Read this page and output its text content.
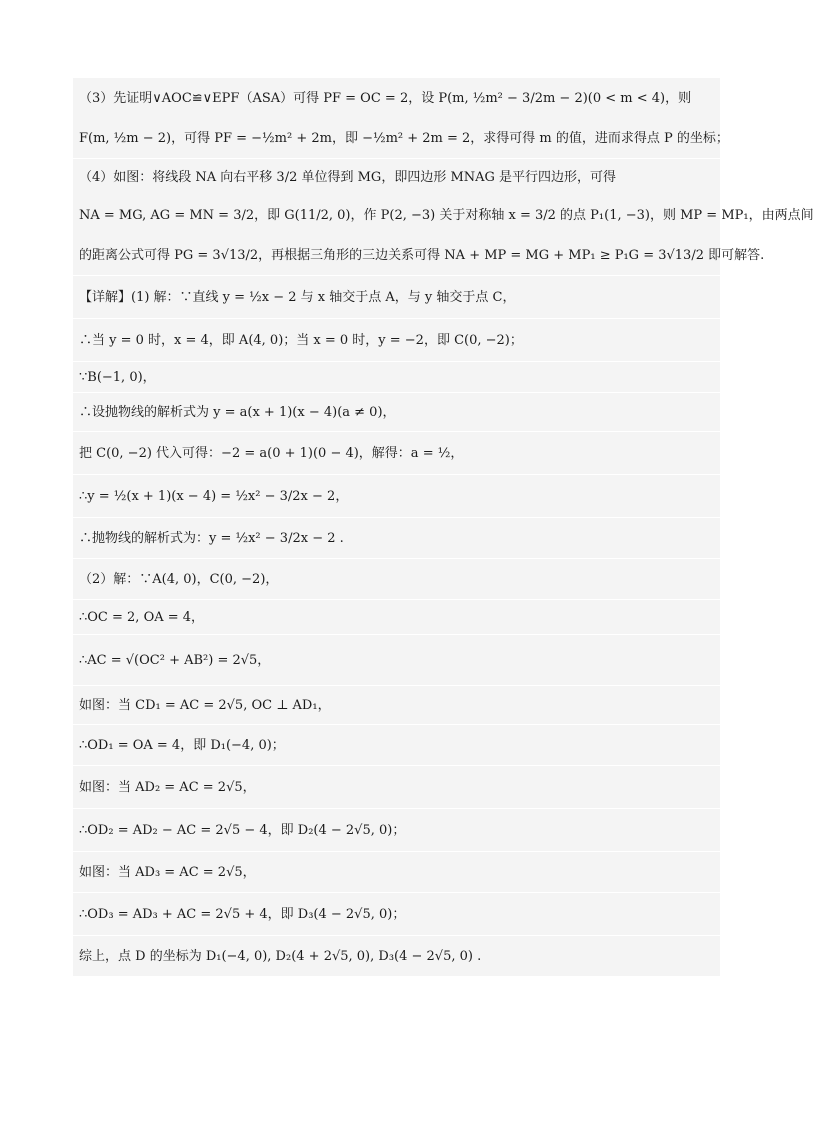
（3）先证明∨AOC≌∨EPF（ASA）可得 PF = OC = 2，设 P(m, ½m² − 3/2m − 2)(0 < m < 4)，则
F(m, ½m − 2)，可得 PF = −½m² + 2m，即 −½m² + 2m = 2，求得可得 m 的值，进而求得点 P 的坐标；
（4）如图：将线段 NA 向右平移 3/2 单位得到 MG，即四边形 MNAG 是平行四边形，可得
NA = MG, AG = MN = 3/2，即 G(11/2, 0)，作 P(2, −3) 关于对称轴 x = 3/2 的点 P₁(1, −3)，则 MP = MP₁，由两点间
的距离公式可得 PG = 3√13/2，再根据三角形的三边关系可得 NA + MP = MG + MP₁ ≥ P₁G = 3√13/2 即可解答.
【详解】(1) 解：∵直线 y = ½x − 2 与 x 轴交于点 A，与 y 轴交于点 C，
∴当 y = 0 时，x = 4，即 A(4, 0)；当 x = 0 时，y = −2，即 C(0, −2)；
∵B(−1, 0)，
∴设抛物线的解析式为 y = a(x + 1)(x − 4)(a ≠ 0)，
把 C(0, −2) 代入可得：−2 = a(0 + 1)(0 − 4)，解得：a = ½，
∴y = ½(x + 1)(x − 4) = ½x² − 3/2x − 2，
∴抛物线的解析式为：y = ½x² − 3/2x − 2 .
（2）解：∵A(4, 0)，C(0, −2)，
∴OC = 2, OA = 4，
∴AC = √(OC² + AB²) = 2√5，
如图：当 CD₁ = AC = 2√5, OC ⊥ AD₁，
∴OD₁ = OA = 4，即 D₁(−4, 0)；
如图：当 AD₂ = AC = 2√5，
∴OD₂ = AD₂ − AC = 2√5 − 4，即 D₂(4 − 2√5, 0)；
如图：当 AD₃ = AC = 2√5，
∴OD₃ = AD₃ + AC = 2√5 + 4，即 D₃(4 − 2√5, 0)；
综上，点 D 的坐标为 D₁(−4, 0), D₂(4 + 2√5, 0), D₃(4 − 2√5, 0) .
